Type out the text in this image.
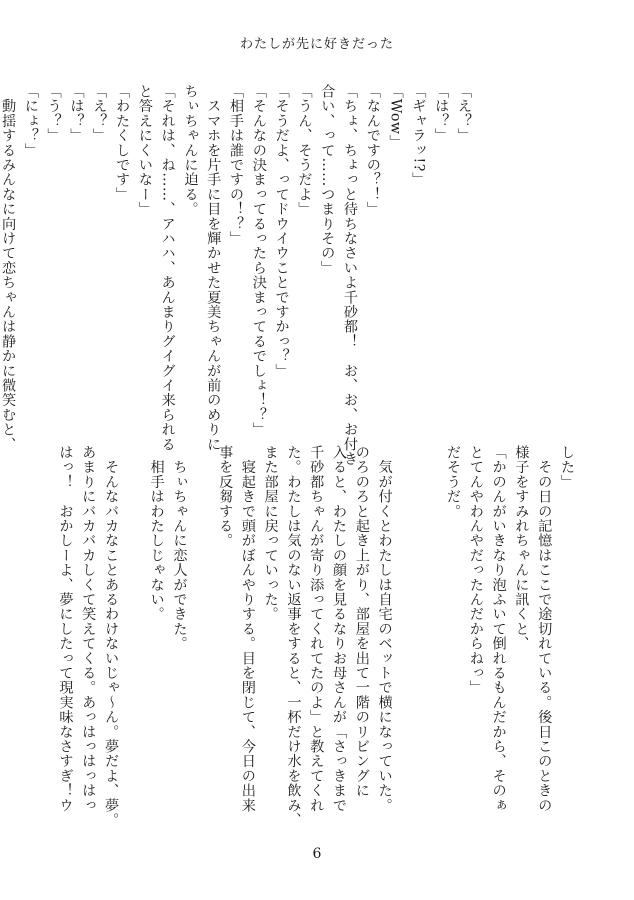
わたしが先に好きだった

「え？」

「は？」

「ギャラッ!?」

「Wow」

「なんですの？！」

「ちょ、ちょっと待ちなさいよ千砂都！　お、お、お付き

合い、って……つまりその」

「うん、そうだよ」

「そうだよ、ってドウイウことですかっ？」

「そんなの決まってるったら決まってるでしょ！？」

「相手は誰ですの！？」

　スマホを片手に目を輝かせた夏美ちゃんが前のめりに

ちぃちゃんに迫る。

「それは、ね……、アハハ、あんまりグイグイ来られる

と答えにくいなー」

「わたくしです」

「え？」

「は？」

「う？」

「にょ？」

　動揺するみんなに向けて恋ちゃんは静かに微笑むと、

した」

　その日の記憶はここで途切れている。後日このときの

様子をすみれちゃんに訊くと、

「かのんがいきなり泡ふいて倒れるもんだから、そのぁ

とてんやわんやだったんだからねっ」

だそうだ。

　気が付くとわたしは自宅のベットで横になっていた。

のろのろと起き上がり、部屋を出て一階のリビングに

入ると、わたしの顔を見るなりお母さんが「さっきまで

千砂都ちゃんが寄り添ってくれてたのよ」と教えてくれ

た。わたしは気のない返事をすると、一杯だけ水を飲み、

また部屋に戻っていった。

　寝起きで頭がぼんやりする。目を閉じて、今日の出来

事を反芻する。

　ちぃちゃんに恋人ができた。

　相手はわたしじゃない。

　そんなバカなことあるわけないじゃ～ん。夢だよ、夢。

あまりにバカバカしくて笑えてくる。あっはっはっはっ

はっ！　おかしーよ、夢にしたって現実味なさすぎ！ウ

6
